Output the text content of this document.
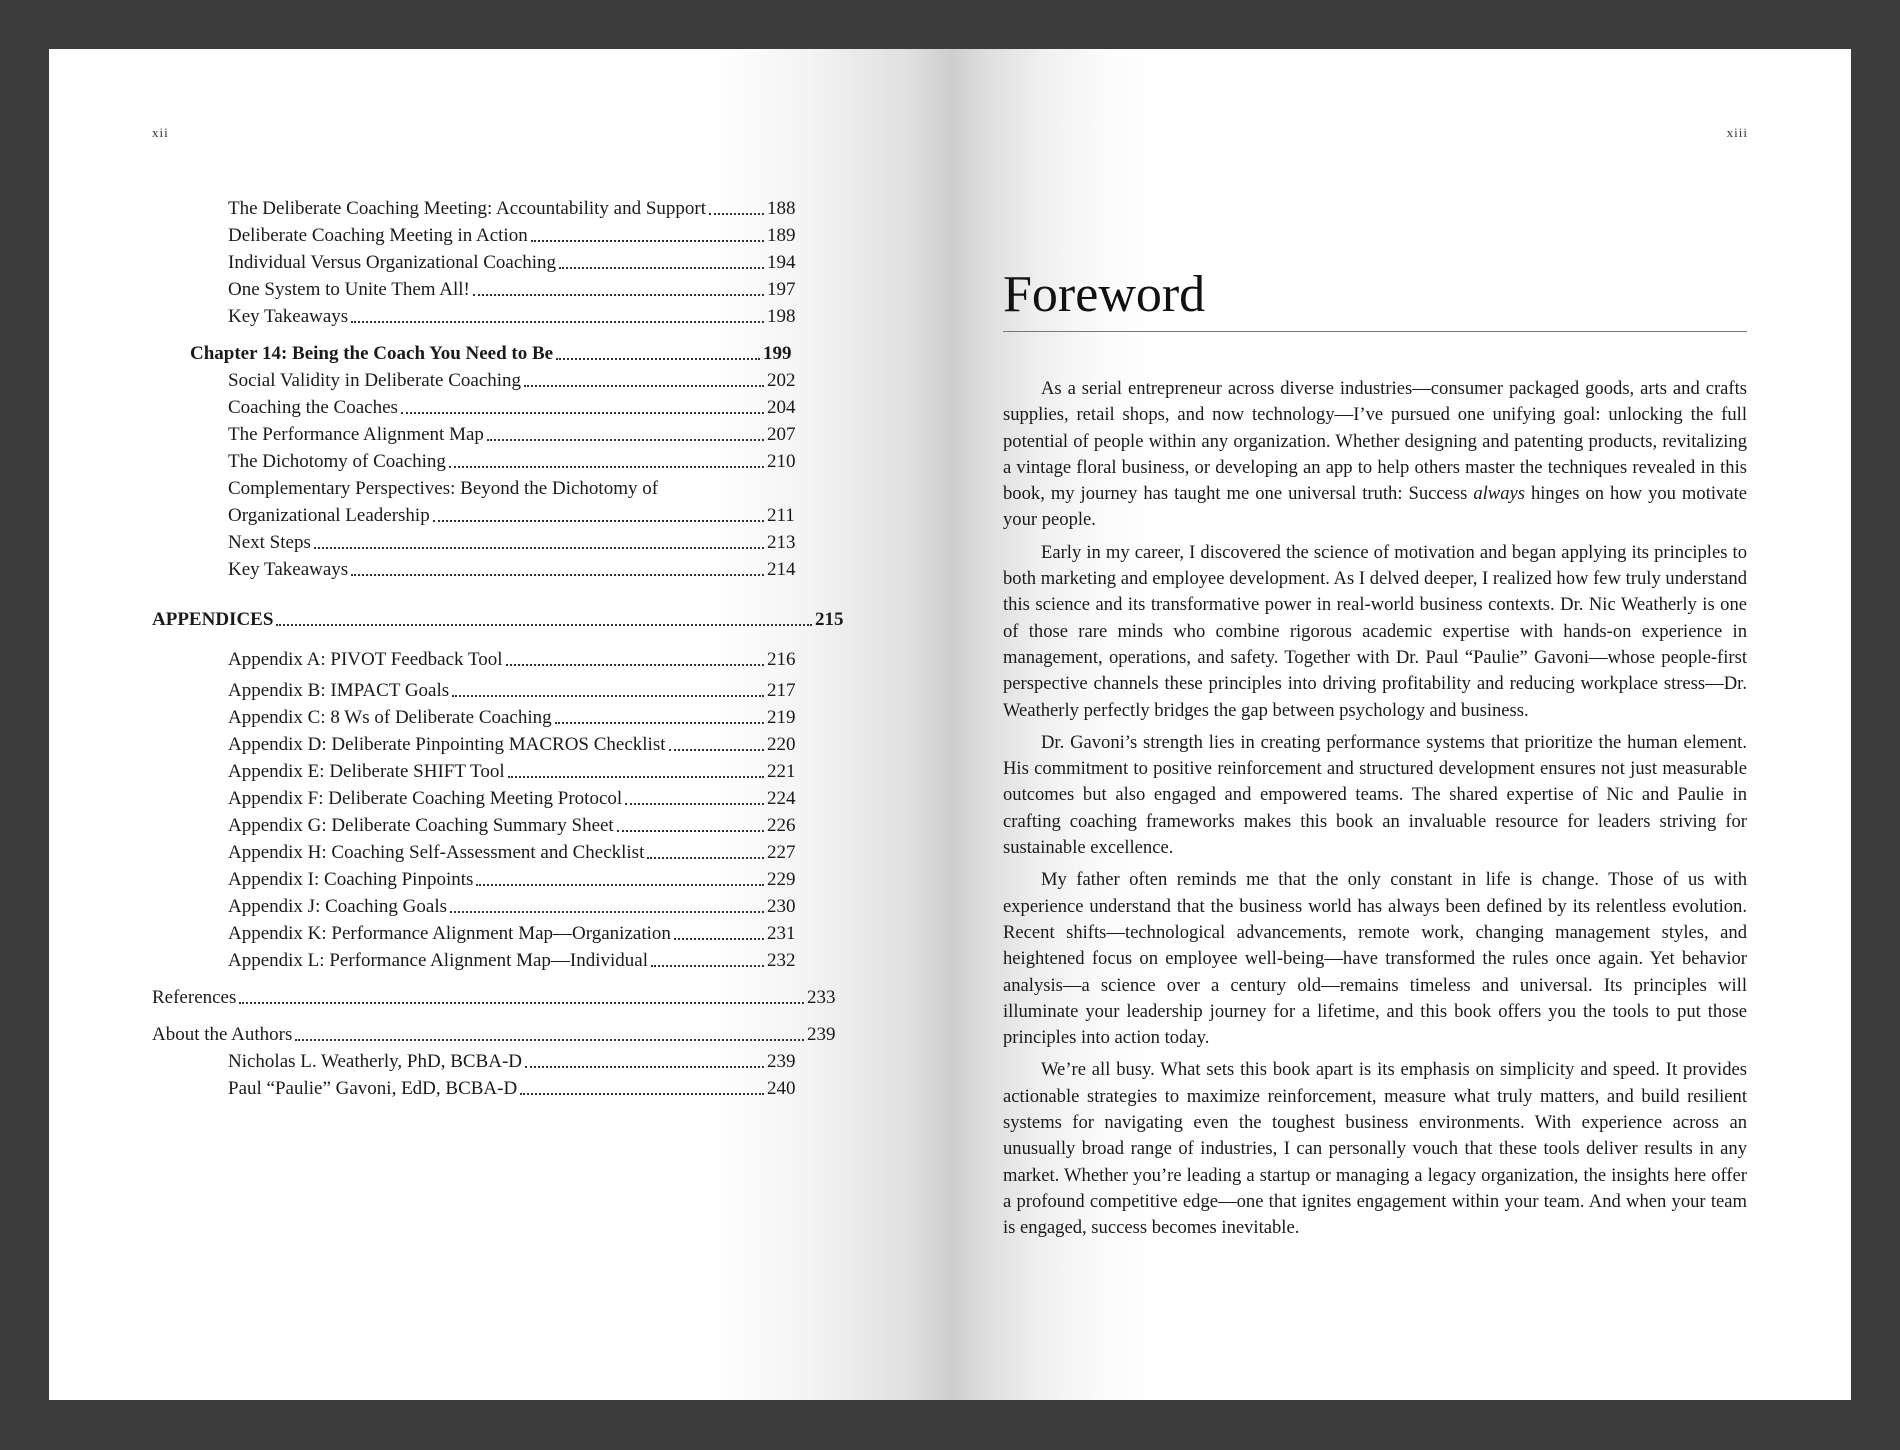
xii
The Deliberate Coaching Meeting: Accountability and Support	188
Deliberate Coaching Meeting in Action	189
Individual Versus Organizational Coaching	194
One System to Unite Them All!	197
Key Takeaways	198
Chapter 14: Being the Coach You Need to Be	199
Social Validity in Deliberate Coaching	202
Coaching the Coaches	204
The Performance Alignment Map	207
The Dichotomy of Coaching	210
Complementary Perspectives: Beyond the Dichotomy of
Organizational Leadership	211
Next Steps	213
Key Takeaways	214
APPENDICES	215
Appendix A: PIVOT Feedback Tool	216
Appendix B: IMPACT Goals	217
Appendix C: 8 Ws of Deliberate Coaching	219
Appendix D: Deliberate Pinpointing MACROS Checklist	220
Appendix E: Deliberate SHIFT Tool	221
Appendix F: Deliberate Coaching Meeting Protocol	224
Appendix G: Deliberate Coaching Summary Sheet	226
Appendix H: Coaching Self-Assessment and Checklist	227
Appendix I: Coaching Pinpoints	229
Appendix J: Coaching Goals	230
Appendix K: Performance Alignment Map—Organization	231
Appendix L: Performance Alignment Map—Individual	232
References	233
About the Authors	239
Nicholas L. Weatherly, PhD, BCBA-D	239
Paul “Paulie” Gavoni, EdD, BCBA-D	240
xiii
Foreword

As a serial entrepreneur across diverse industries—consumer packaged goods, arts and crafts supplies, retail shops, and now technology—I’ve pursued one unifying goal: unlocking the full potential of people within any organization. Whether designing and patenting products, revitalizing a vintage floral business, or developing an app to help others master the techniques revealed in this book, my journey has taught me one universal truth: Success always hinges on how you motivate your people.

Early in my career, I discovered the science of motivation and began applying its principles to both marketing and employee development. As I delved deeper, I realized how few truly understand this science and its transformative power in real-world business contexts. Dr. Nic Weatherly is one of those rare minds who combine rigorous academic expertise with hands-on experience in management, operations, and safety. Together with Dr. Paul “Paulie” Gavoni—whose people-first perspective channels these principles into driving profitability and reducing workplace stress—Dr. Weatherly perfectly bridges the gap between psychology and business.

Dr. Gavoni’s strength lies in creating performance systems that prioritize the human element. His commitment to positive reinforcement and structured development ensures not just measurable outcomes but also engaged and empowered teams. The shared expertise of Nic and Paulie in crafting coaching frameworks makes this book an invaluable resource for leaders striving for sustainable excellence.

My father often reminds me that the only constant in life is change. Those of us with experience understand that the business world has always been defined by its relentless evolution. Recent shifts—technological advancements, remote work, changing management styles, and heightened focus on employee well-being—have transformed the rules once again. Yet behavior analysis—a science over a century old—remains timeless and universal. Its principles will illuminate your leadership journey for a lifetime, and this book offers you the tools to put those principles into action today.

We’re all busy. What sets this book apart is its emphasis on simplicity and speed. It provides actionable strategies to maximize reinforcement, measure what truly matters, and build resilient systems for navigating even the toughest business environments. With experience across an unusually broad range of industries, I can personally vouch that these tools deliver results in any market. Whether you’re leading a startup or managing a legacy organization, the insights here offer a profound competitive edge—one that ignites engagement within your team. And when your team is engaged, success becomes inevitable.
